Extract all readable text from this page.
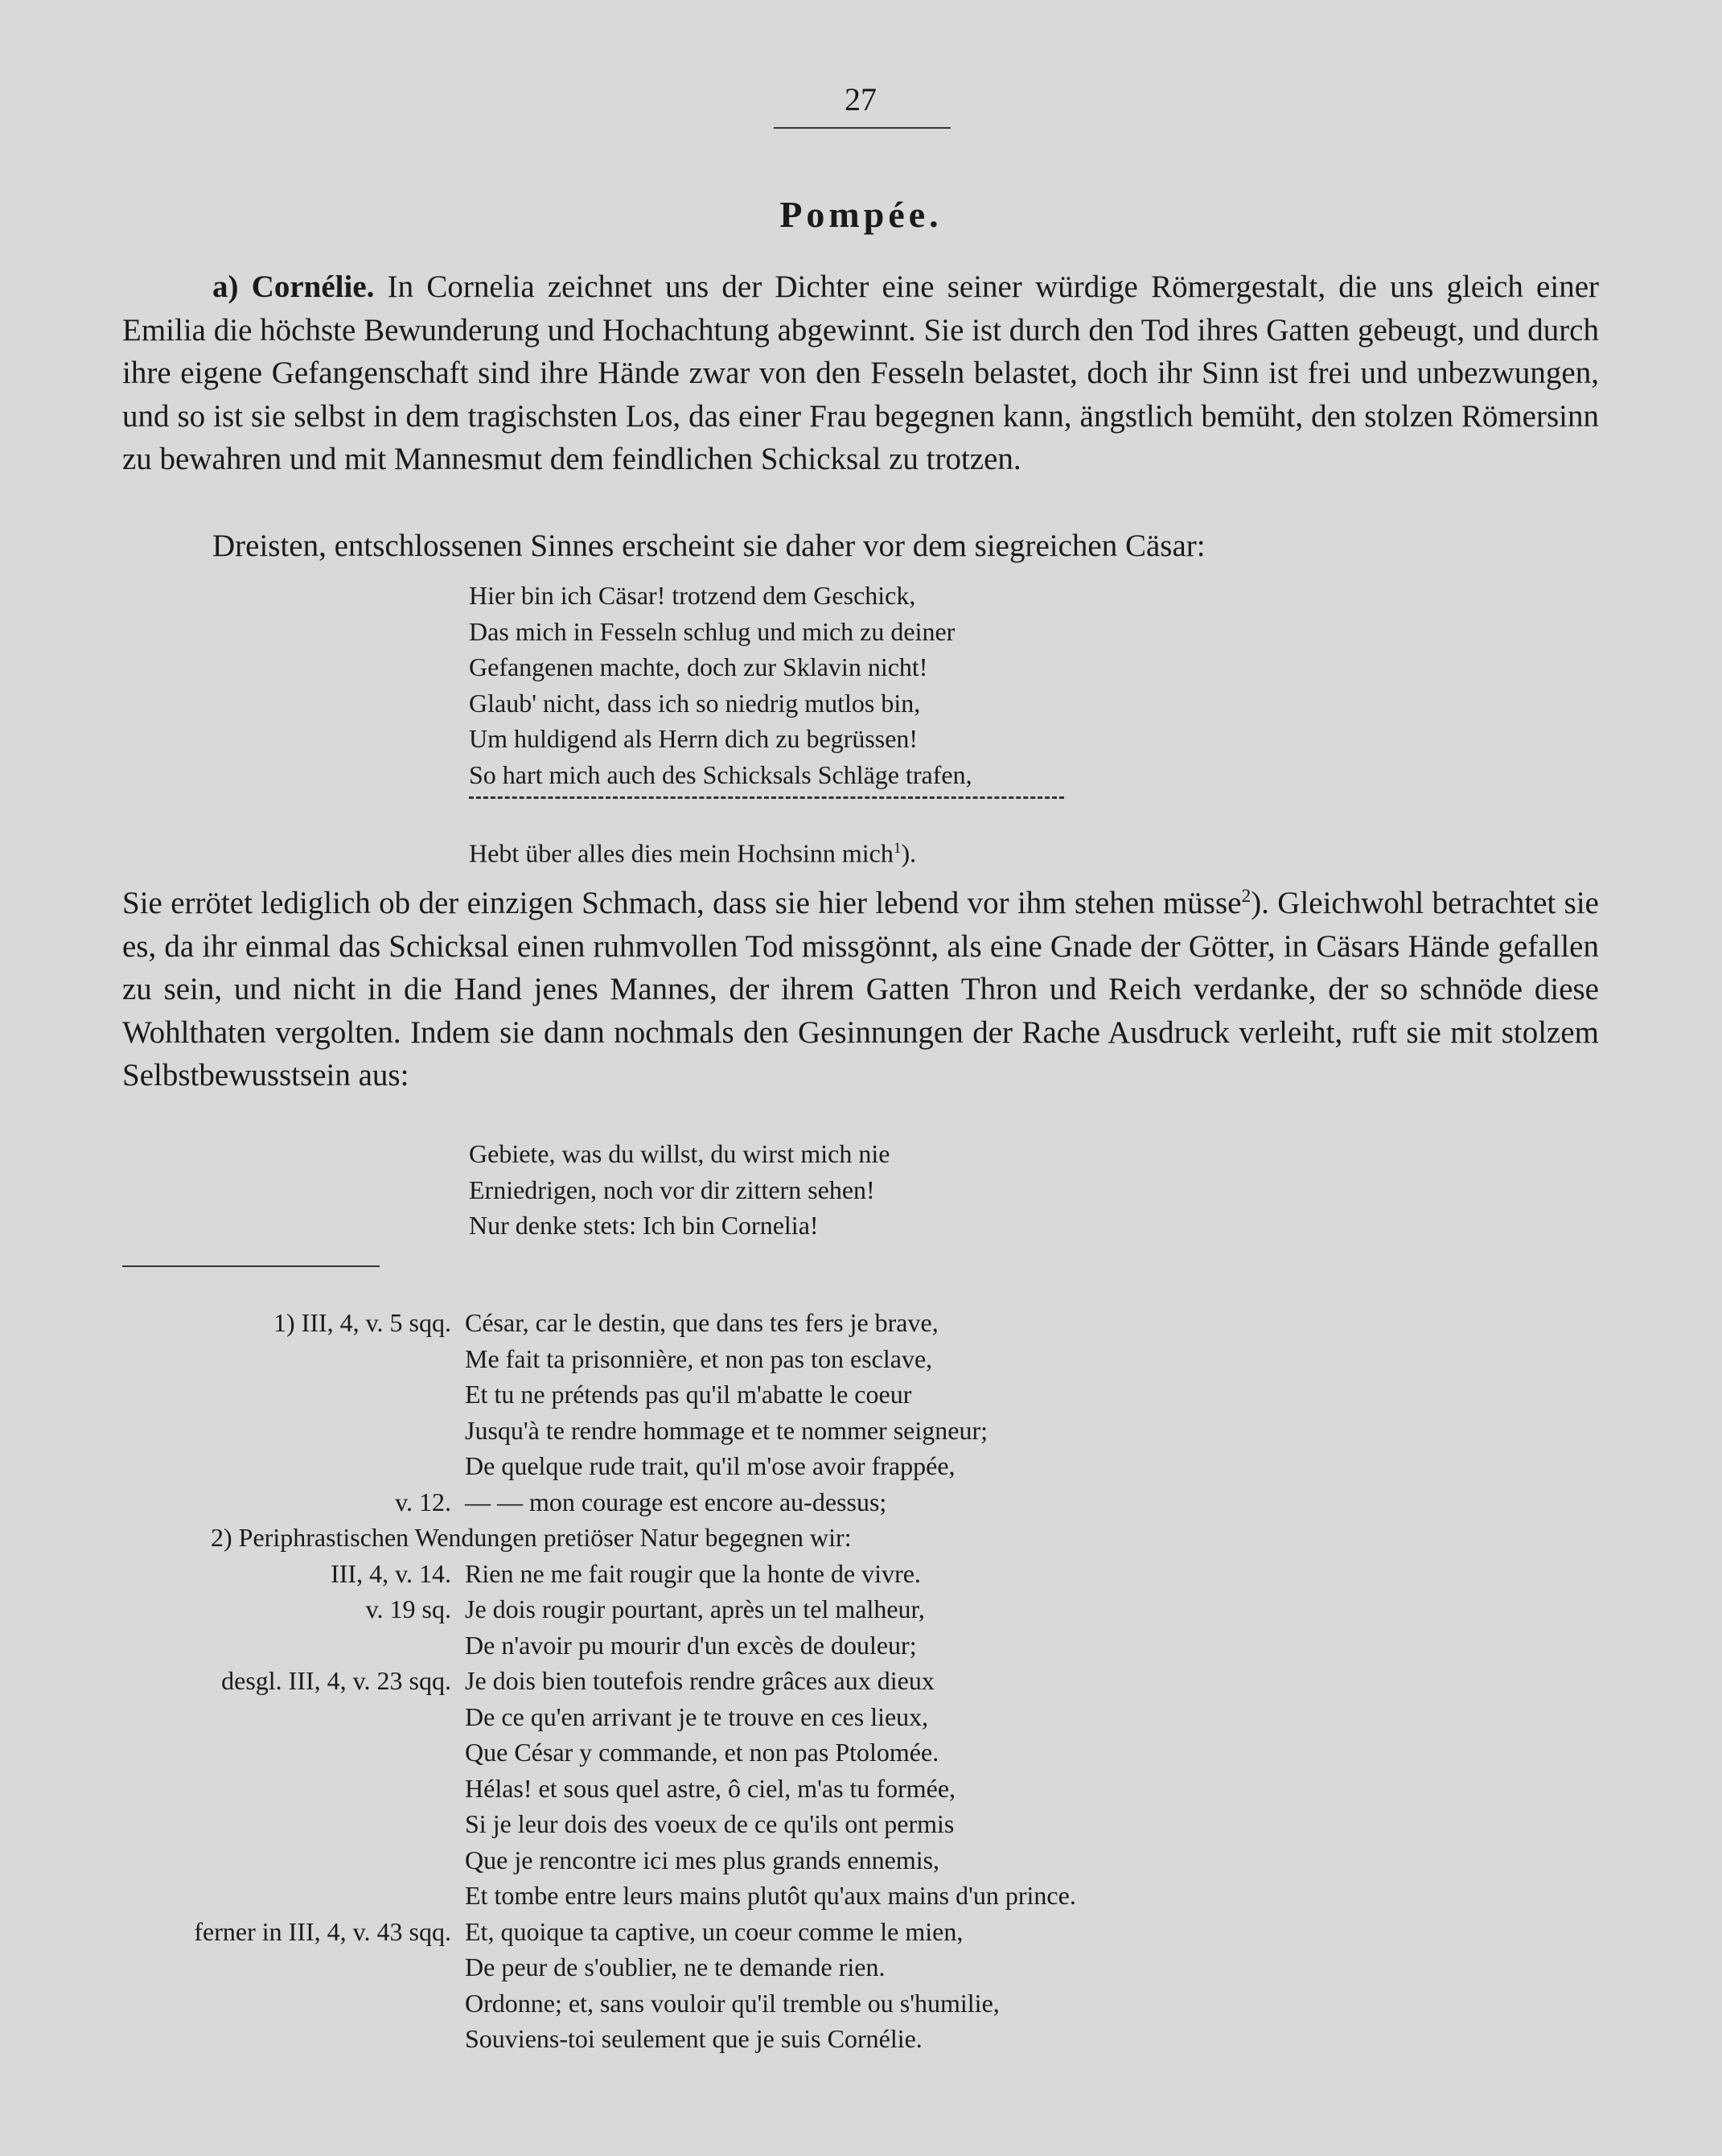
27
Pompée.
a) Cornélie. In Cornelia zeichnet uns der Dichter eine seiner würdige Römergestalt, die uns gleich einer Emilia die höchste Bewunderung und Hochachtung abgewinnt. Sie ist durch den Tod ihres Gatten gebeugt, und durch ihre eigene Gefangenschaft sind ihre Hände zwar von den Fesseln belastet, doch ihr Sinn ist frei und unbezwungen, und so ist sie selbst in dem tragischsten Los, das einer Frau begegnen kann, ängstlich bemüht, den stolzen Römersinn zu bewahren und mit Mannesmut dem feindlichen Schicksal zu trotzen.
Dreisten, entschlossenen Sinnes erscheint sie daher vor dem siegreichen Cäsar:
Hier bin ich Cäsar! trotzend dem Geschick,
Das mich in Fesseln schlug und mich zu deiner
Gefangenen machte, doch zur Sklavin nicht!
Glaub' nicht, dass ich so niedrig mutlos bin,
Um huldigend als Herrn dich zu begrüssen!
So hart mich auch des Schicksals Schläge trafen,
Hebt über alles dies mein Hochsinn mich$^1$).
Sie errötet lediglich ob der einzigen Schmach, dass sie hier lebend vor ihm stehen müsse$^2$). Gleichwohl betrachtet sie es, da ihr einmal das Schicksal einen ruhmvollen Tod missgönnt, als eine Gnade der Götter, in Cäsars Hände gefallen zu sein, und nicht in die Hand jenes Mannes, der ihrem Gatten Thron und Reich verdanke, der so schnöde diese Wohlthaten vergolten. Indem sie dann nochmals den Gesinnungen der Rache Ausdruck verleiht, ruft sie mit stolzem Selbstbewusstsein aus:
Gebiete, was du willst, du wirst mich nie
Erniedrigen, noch vor dir zittern sehen!
Nur denke stets: Ich bin Cornelia!
1) III, 4, v. 5 sqq. César, car le destin, que dans tes fers je brave,
Me fait ta prisonnière, et non pas ton esclave,
Et tu ne prétends pas qu'il m'abatte le coeur
Jusqu'à te rendre hommage et te nommer seigneur;
De quelque rude trait, qu'il m'ose avoir frappée,
v. 12. — — mon courage est encore au-dessus;
2) Periphrastischen Wendungen pretiöser Natur begegnen wir:
III, 4, v. 14. Rien ne me fait rougir que la honte de vivre.
v. 19 sq. Je dois rougir pourtant, après un tel malheur,
De n'avoir pu mourir d'un excès de douleur;
desgl. III, 4, v. 23 sqq. Je dois bien toutefois rendre grâces aux dieux
De ce qu'en arrivant je te trouve en ces lieux,
Que César y commande, et non pas Ptolomée.
Hélas! et sous quel astre, ô ciel, m'as tu formée,
Si je leur dois des voeux de ce qu'ils ont permis
Que je rencontre ici mes plus grands ennemis,
Et tombe entre leurs mains plutôt qu'aux mains d'un prince.
ferner in III, 4, v. 43 sqq. Et, quoique ta captive, un coeur comme le mien,
De peur de s'oublier, ne te demande rien.
Ordonne; et, sans vouloir qu'il tremble ou s'humilie,
Souviens-toi seulement que je suis Cornélie.
